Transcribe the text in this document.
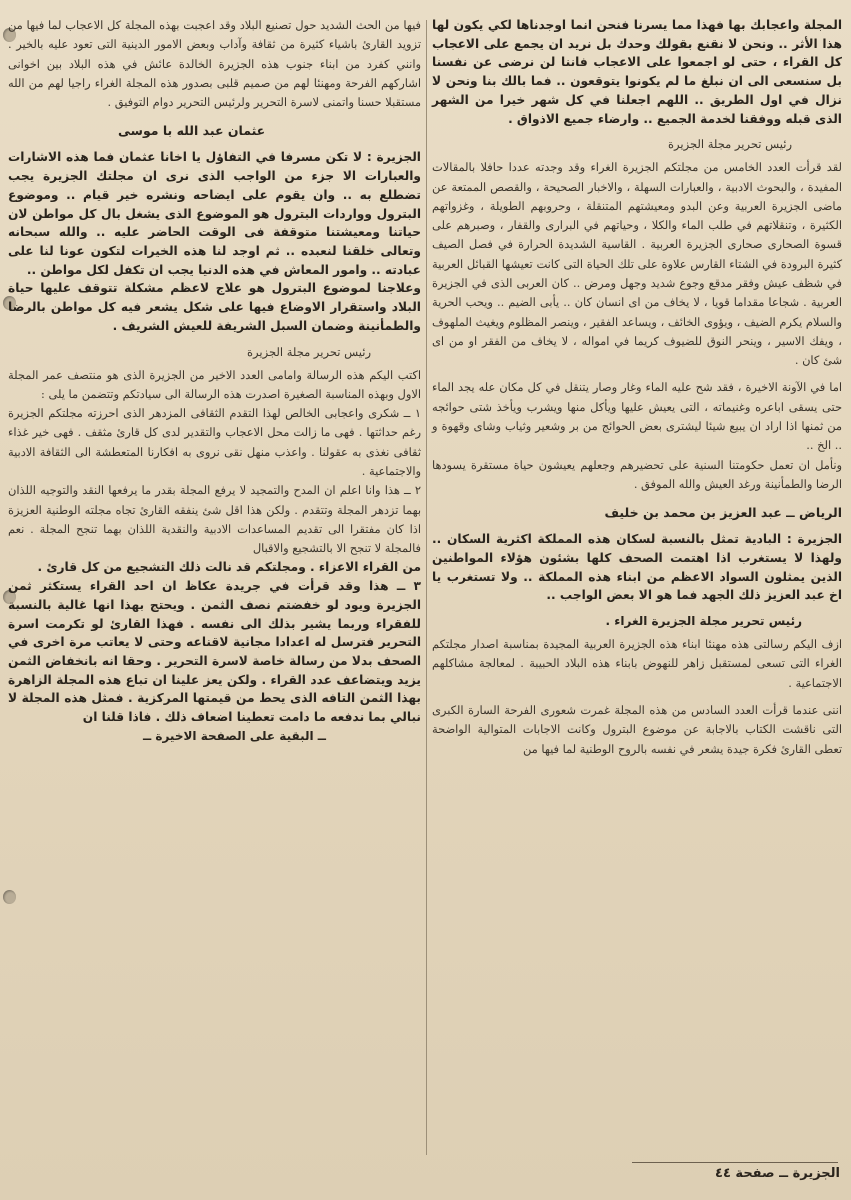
المجلة واعجابك بها فهذا مما يسرنا فنحن انما اوجدناها لكي يكون لها هذا الأثر .. ونحن لا نقنع بقولك وحدك بل نريد ان يجمع على الاعجاب كل القراء ، حتى لو اجمعوا على الاعجاب فاننا لن نرضى عن نفسنا بل سنسعى الى ان نبلغ ما لم يكونوا يتوقعون .. فما بالك بنا ونحن لا نزال في اول الطريق .. اللهم اجعلنا في كل شهر خيرا من الشهر الذى قبله ووفقنا لخدمة الجميع .. وارضاء جميع الاذواق .

رئيس تحرير مجلة الجزيرة

لقد قرأت العدد الخامس من مجلتكم الجزيرة الغراء وقد وجدته عددا حافلا بالمقالات المفيدة ، والبحوث الادبية ، والعبارات السهلة ، والاخبار الصحيحة ، والقصص الممتعة عن ماضى الجزيرة العربية وعن البدو ومعيشتهم المتنقلة ، وحروبهم الطويلة ، وغزواتهم الكثيرة ، وتنقلاتهم في طلب الماء والكلا ، وحياتهم في البرارى والقفار ، وصبرهم على قسوة الصحارى صحارى الجزيرة العربية . القاسية الشديدة الحرارة في فصل الصيف كثيرة البرودة في الشتاء القارس علاوة على تلك الحياة التى كانت تعيشها القبائل العربية في شظف عيش وفقر مدقع وجوع شديد وجهل ومرض .. كان العربى الذى في الجزيرة العربية . شجاعا مقداما قويا ، لا يخاف من اى انسان كان .. يأبى الضيم .. ويحب الحرية والسلام يكرم الضيف ، ويؤوى الخائف ، ويساعد الفقير ، وينصر المظلوم ويغيث الملهوف ، ويفك الاسير ، وينحر النوق للضيوف كريما في امواله ، لا يخاف من الفقر او من اى شئ كان .

اما في الآونة الاخيرة ، فقد شح عليه الماء وغار وصار يتنقل في كل مكان عله يجد الماء حتى يسقى اباعره وغنيماته ، التى يعيش عليها ويأكل منها ويشرب ويأخذ شتى حوائجه من ثمنها اذا اراد ان يبيع شيئا ليشترى بعض الحوائج من بر وشعير وثياب وشاى وقهوة و .. الخ ..

ونأمل ان تعمل حكومتنا السنية على تحضيرهم وجعلهم يعيشون حياة مستقرة يسودها الرضا والطمأنينة ورغد العيش والله الموفق .

الرياض ــ عبد العزيز بن محمد بن خليف

الجزيرة : البادية تمثل بالنسبة لسكان هذه المملكة اكثرية السكان .. ولهذا لا يستغرب اذا اهتمت الصحف كلها بشئون هؤلاء المواطنين الذين يمثلون السواد الاعظم من ابناء هذه المملكة .. ولا تستغرب يا اخ عبد العزيز ذلك الجهد فما هو الا بعض الواجب ..

رئيس تحرير مجلة الجزيرة الغراء .

ازف اليكم رسالتى هذه مهنئا ابناء هذه الجزيرة العربية المجيدة بمناسبة اصدار مجلتكم الغراء التى تسعى لمستقبل زاهر للنهوض بابناء هذه البلاد الحبيبة . لمعالجة مشاكلهم الاجتماعية .

اننى عندما قرأت العدد السادس من هذه المجلة غمرت شعورى الفرحة السارة الكبرى التى ناقشت الكتاب بالاجابة عن موضوع البترول وكانت الاجابات المتوالية الواضحة تعطى القارئ فكرة جيدة يشعر في نفسه بالروح الوطنية لما فيها من

فيها من الحث الشديد حول تصنيع البلاد وقد اعجبت بهذه المجلة كل الاعجاب لما فيها من تزويد القارئ باشياء كثيرة من ثقافة وآداب وبعض الامور الدينية التى تعود عليه بالخير . وانني كفرد من ابناء جنوب هذه الجزيرة الخالدة عائش في هذه البلاد بين اخوانى اشاركهم الفرحة ومهنئا لهم من صميم قلبى بصدور هذه المجلة الغراء راجيا لهم من الله مستقبلا حسنا واتمنى لاسرة التحرير ولرئيس التحرير دوام التوفيق .

عثمان عبد الله با موسى

الجزيرة : لا تكن مسرفا في التفاؤل يا اخانا عثمان فما هذه الاشارات والعبارات الا جزء من الواجب الذى نرى ان مجلتك الجزيرة يجب تضطلع به .. وان يقوم على ايضاحه ونشره خير قيام .. وموضوع البترول وواردات البترول هو الموضوع الذى يشغل بال كل مواطن لان حياتنا ومعيشتنا متوقفة فى الوقت الحاضر عليه .. والله سبحانه وتعالى خلقنا لنعبده .. ثم اوجد لنا هذه الخيرات لتكون عونا لنا على عبادته .. وامور المعاش في هذه الدنيا يجب ان تكفل لكل مواطن ..

وعلاجنا لموضوع البترول هو علاج لاعظم مشكلة تتوقف عليها حياة البلاد واستقرار الاوضاع فيها على شكل يشعر فيه كل مواطن بالرضا والطمأنينة وضمان السبل الشريفة للعيش الشريف .

رئيس تحرير مجلة الجزيرة

اكتب اليكم هذه الرسالة وامامى العدد الاخير من الجزيرة الذى هو منتصف عمر المجلة الاول وبهذه المناسبة الصغيرة اصدرت هذه الرسالة الى سيادتكم وتتضمن ما يلى :

١ ــ شكرى واعجابى الخالص لهذا التقدم الثقافى المزدهر الذى احرزته مجلتكم الجزيرة رغم حداثتها . فهى ما زالت محل الاعجاب والتقدير لدى كل قارئ مثقف . فهى خير غذاء ثقافى نغذى به عقولنا . واعذب منهل نقى نروى به افكارنا المتعطشة الى الثقافة الادبية والاجتماعية .

٢ ــ هذا وانا اعلم ان المدح والتمجيد لا يرفع المجلة بقدر ما يرفعها النقد والتوجيه اللذان بهما تزدهر المجلة وتتقدم . ولكن هذا اقل شئ ينفقه القارئ تجاه مجلته الوطنية العزيزة اذا كان مفتقرا الى تقديم المساعدات الادبية والنقدية اللذان بهما تنجح المجلة . نعم فالمجلة لا تنجح الا بالتشجيع والاقبال

من القراء الاعزاء . ومجلتكم قد نالت ذلك التشجيع من كل قارئ .

٣ ــ هذا وقد قرأت في جريدة عكاظ ان احد القراء يستكثر ثمن الجزيرة ويود لو خفضتم نصف الثمن . ويحتج بهذا انها غالية بالنسبة للفقراء وربما يشير بذلك الى نفسه . فهذا القارئ لو تكرمت اسرة التحرير فترسل له اعدادا مجانية لاقناعه وحتى لا يعاتب مرة اخرى في الصحف بدلا من رسالة خاصة لاسرة التحرير . وحقا انه بانخفاض الثمن يزيد ويتضاعف عدد القراء . ولكن يعز علينا ان تباع هذه المجلة الزاهرة بهذا الثمن التافه الذى يحط من قيمتها المركزية . فمثل هذه المجلة لا نبالي بما ندفعه ما دامت تعطينا اضعاف ذلك . فاذا قلنا ان

ــ البقية على الصفحة الاخيرة ــ

الجزيرة ــ صفحة ٤٤
